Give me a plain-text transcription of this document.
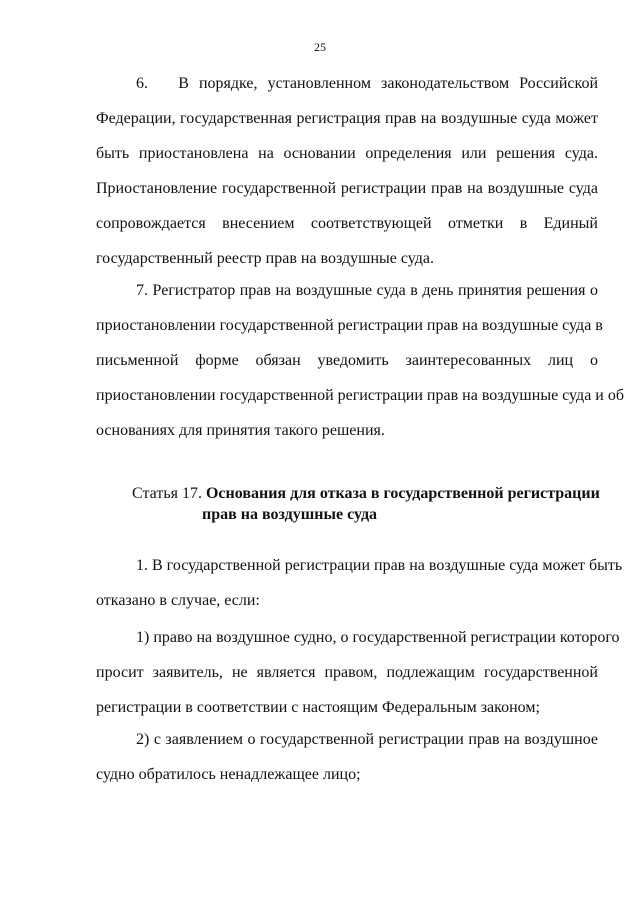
25

6.   В порядке, установленном законодательством Российской
Федерации, государственная регистрация прав на воздушные суда может
быть приостановлена на основании определения или решения суда.
Приостановление государственной регистрации прав на воздушные суда
сопровождается внесением соответствующей отметки в Единый
государственный реестр прав на воздушные суда.

7. Регистратор прав на воздушные суда в день принятия решения о
приостановлении государственной регистрации прав на воздушные суда в
письменной форме обязан уведомить заинтересованных лиц о
приостановлении государственной регистрации прав на воздушные суда и об
основаниях для принятия такого решения.

Статья 17. Основания для отказа в государственной регистрации
прав на воздушные суда

1. В государственной регистрации прав на воздушные суда может быть
отказано в случае, если:

1) право на воздушное судно, о государственной регистрации которого
просит заявитель, не является правом, подлежащим государственной
регистрации в соответствии с настоящим Федеральным законом;

2) с заявлением о государственной регистрации прав на воздушное
судно обратилось ненадлежащее лицо;
